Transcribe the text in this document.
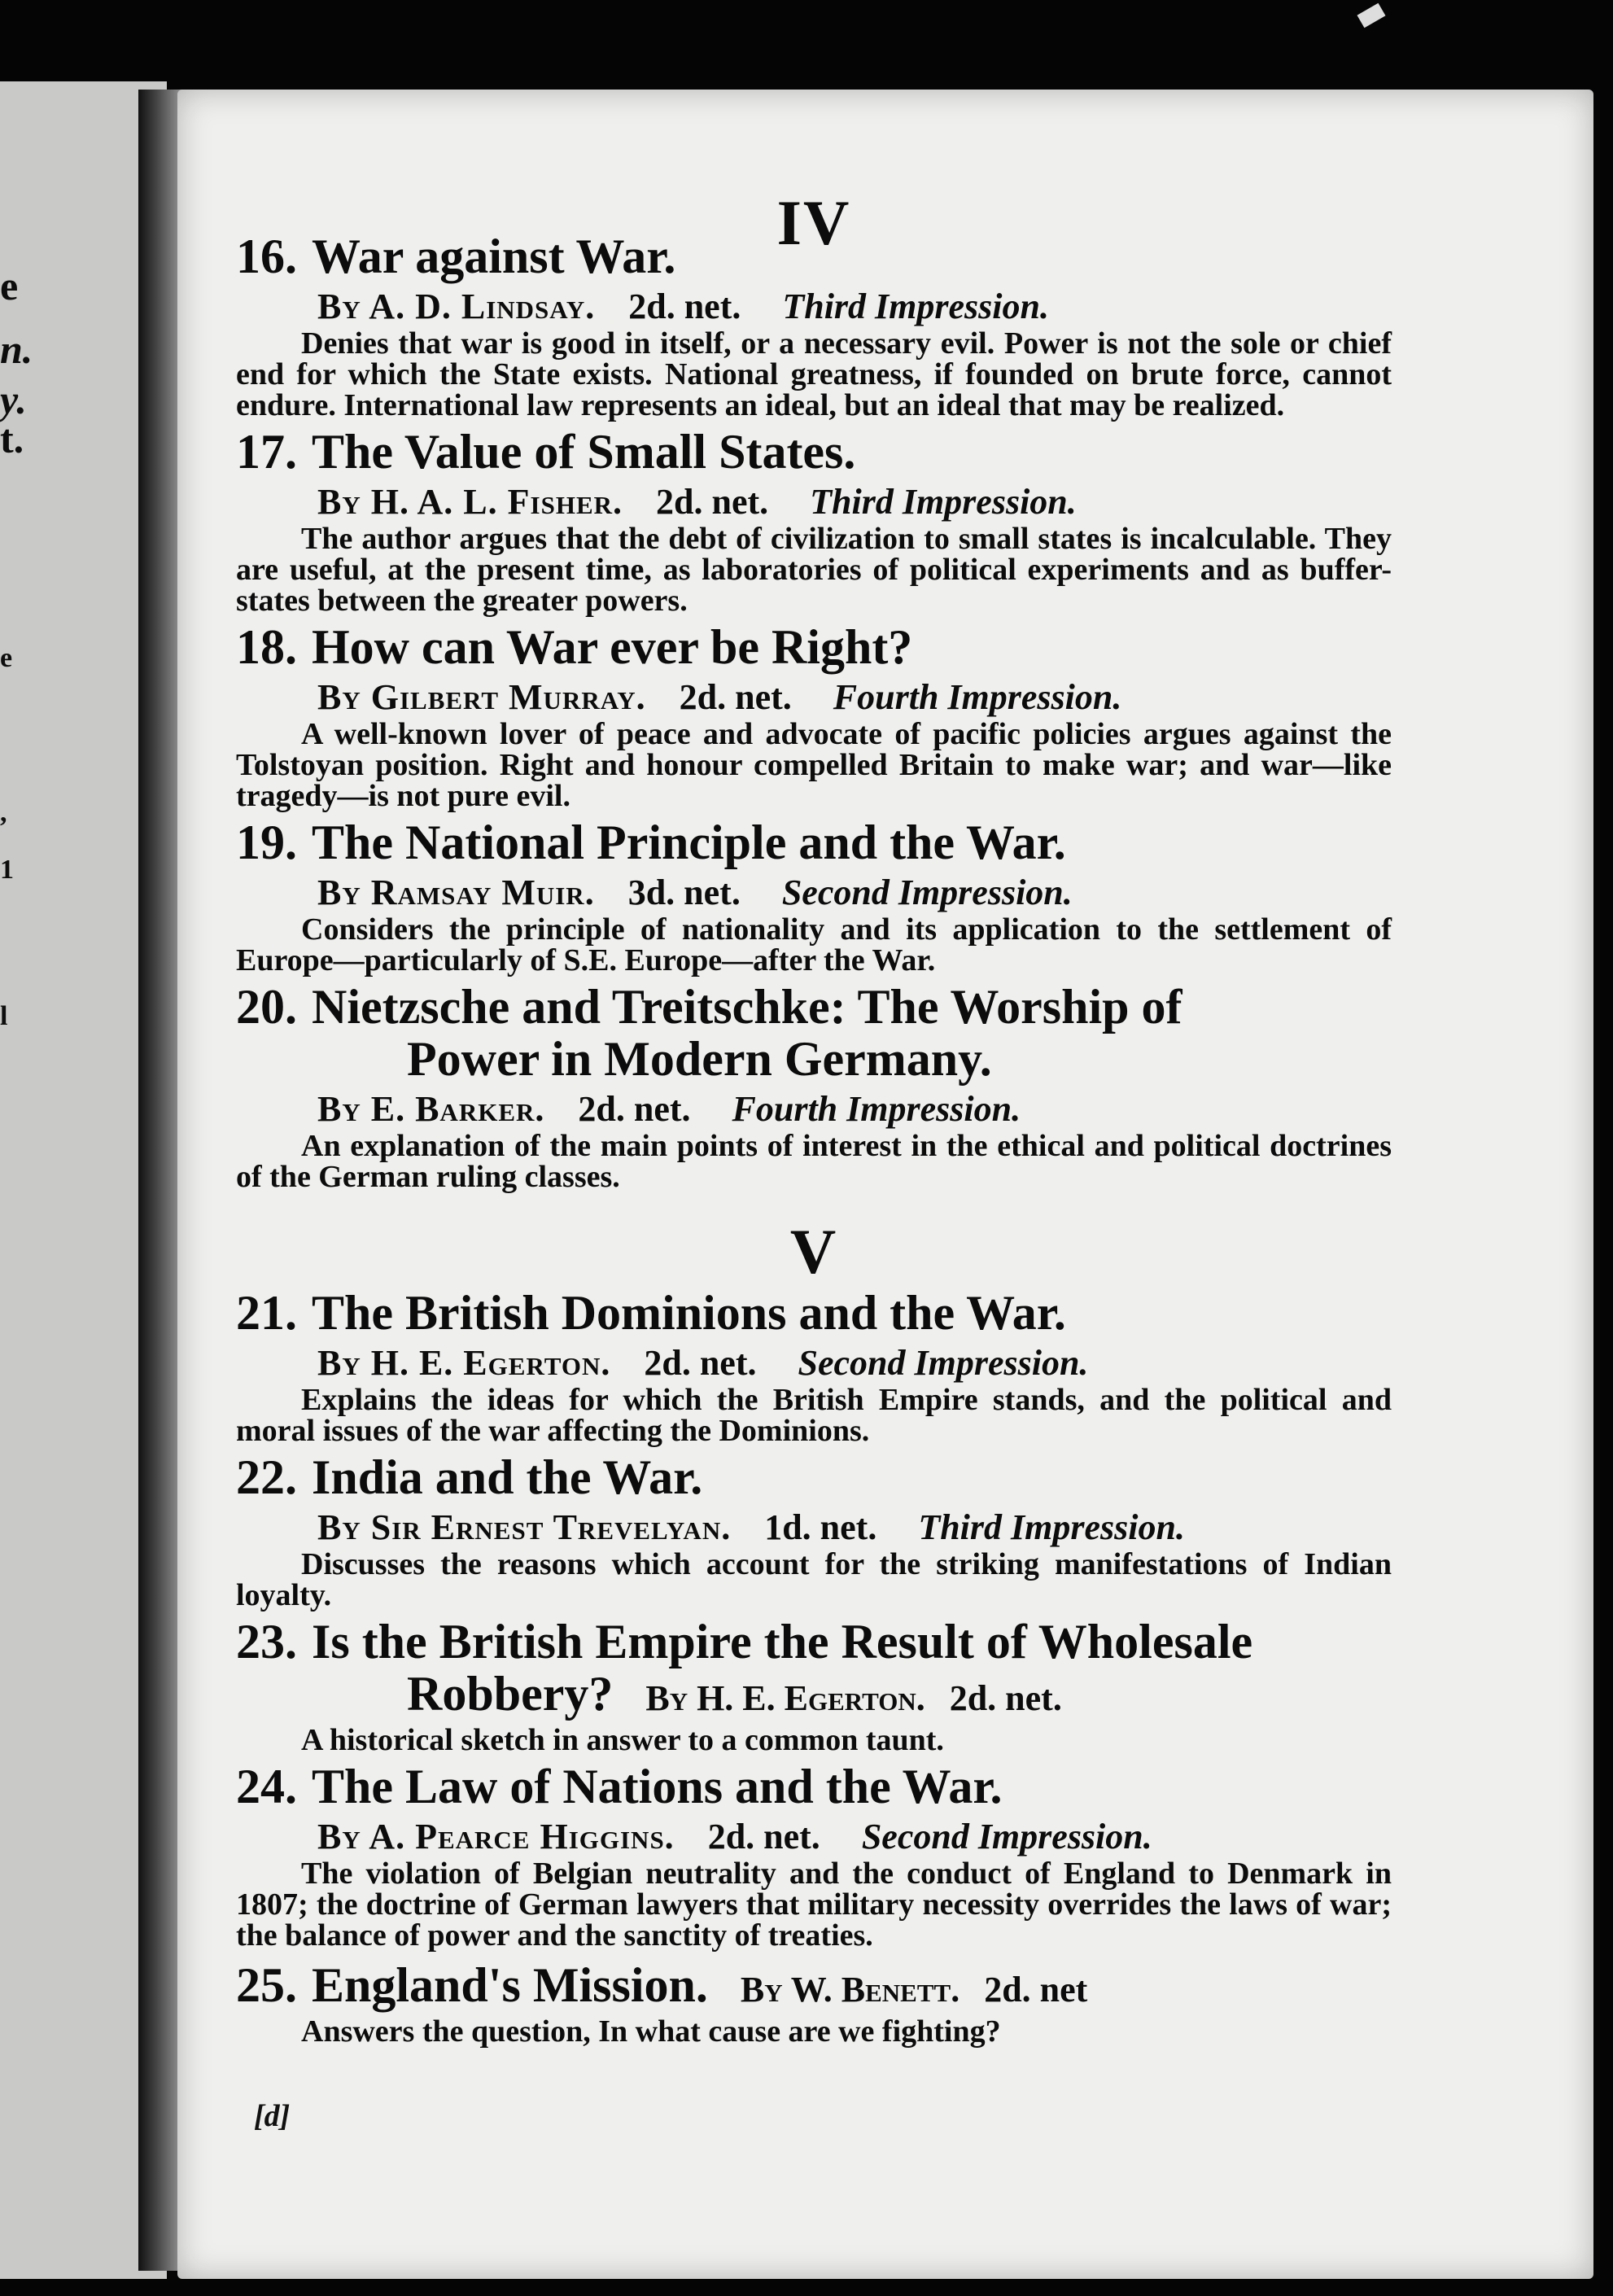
e
n.
y.
t.
e
,
1
l
IV
16. War against War.

By A. D. Lindsay. 2d. net. Third Impression.

Denies that war is good in itself, or a necessary evil. Power is not the sole or chief end for which the State exists. National greatness, if founded on brute force, cannot endure. International law represents an ideal, but an ideal that may be realized.

17. The Value of Small States.

By H. A. L. Fisher. 2d. net. Third Impression.

The author argues that the debt of civilization to small states is incalculable. They are useful, at the present time, as laboratories of political experiments and as buffer-states between the greater powers.

18. How can War ever be Right?

By Gilbert Murray. 2d. net. Fourth Impression.

A well-known lover of peace and advocate of pacific policies argues against the Tolstoyan position. Right and honour compelled Britain to make war; and war—like tragedy—is not pure evil.

19. The National Principle and the War.

By Ramsay Muir. 3d. net. Second Impression.

Considers the principle of nationality and its application to the settlement of Europe—particularly of S.E. Europe—after the War.

20. Nietzsche and Treitschke: The Worship of
Power in Modern Germany.

By E. Barker. 2d. net. Fourth Impression.

An explanation of the main points of interest in the ethical and political doctrines of the German ruling classes.

V
21. The British Dominions and the War.

By H. E. Egerton. 2d. net. Second Impression.

Explains the ideas for which the British Empire stands, and the political and moral issues of the war affecting the Dominions.

22. India and the War.

By Sir Ernest Trevelyan. 1d. net. Third Impression.

Discusses the reasons which account for the striking manifestations of Indian loyalty.

23. Is the British Empire the Result of Wholesale
Robbery? By H. E. Egerton. 2d. net.

A historical sketch in answer to a common taunt.

24. The Law of Nations and the War.

By A. Pearce Higgins. 2d. net. Second Impression.

The violation of Belgian neutrality and the conduct of England to Denmark in 1807; the doctrine of German lawyers that military necessity overrides the laws of war; the balance of power and the sanctity of treaties.

25. England's Mission. By W. Benett. 2d. net

Answers the question, In what cause are we fighting?

[d]
